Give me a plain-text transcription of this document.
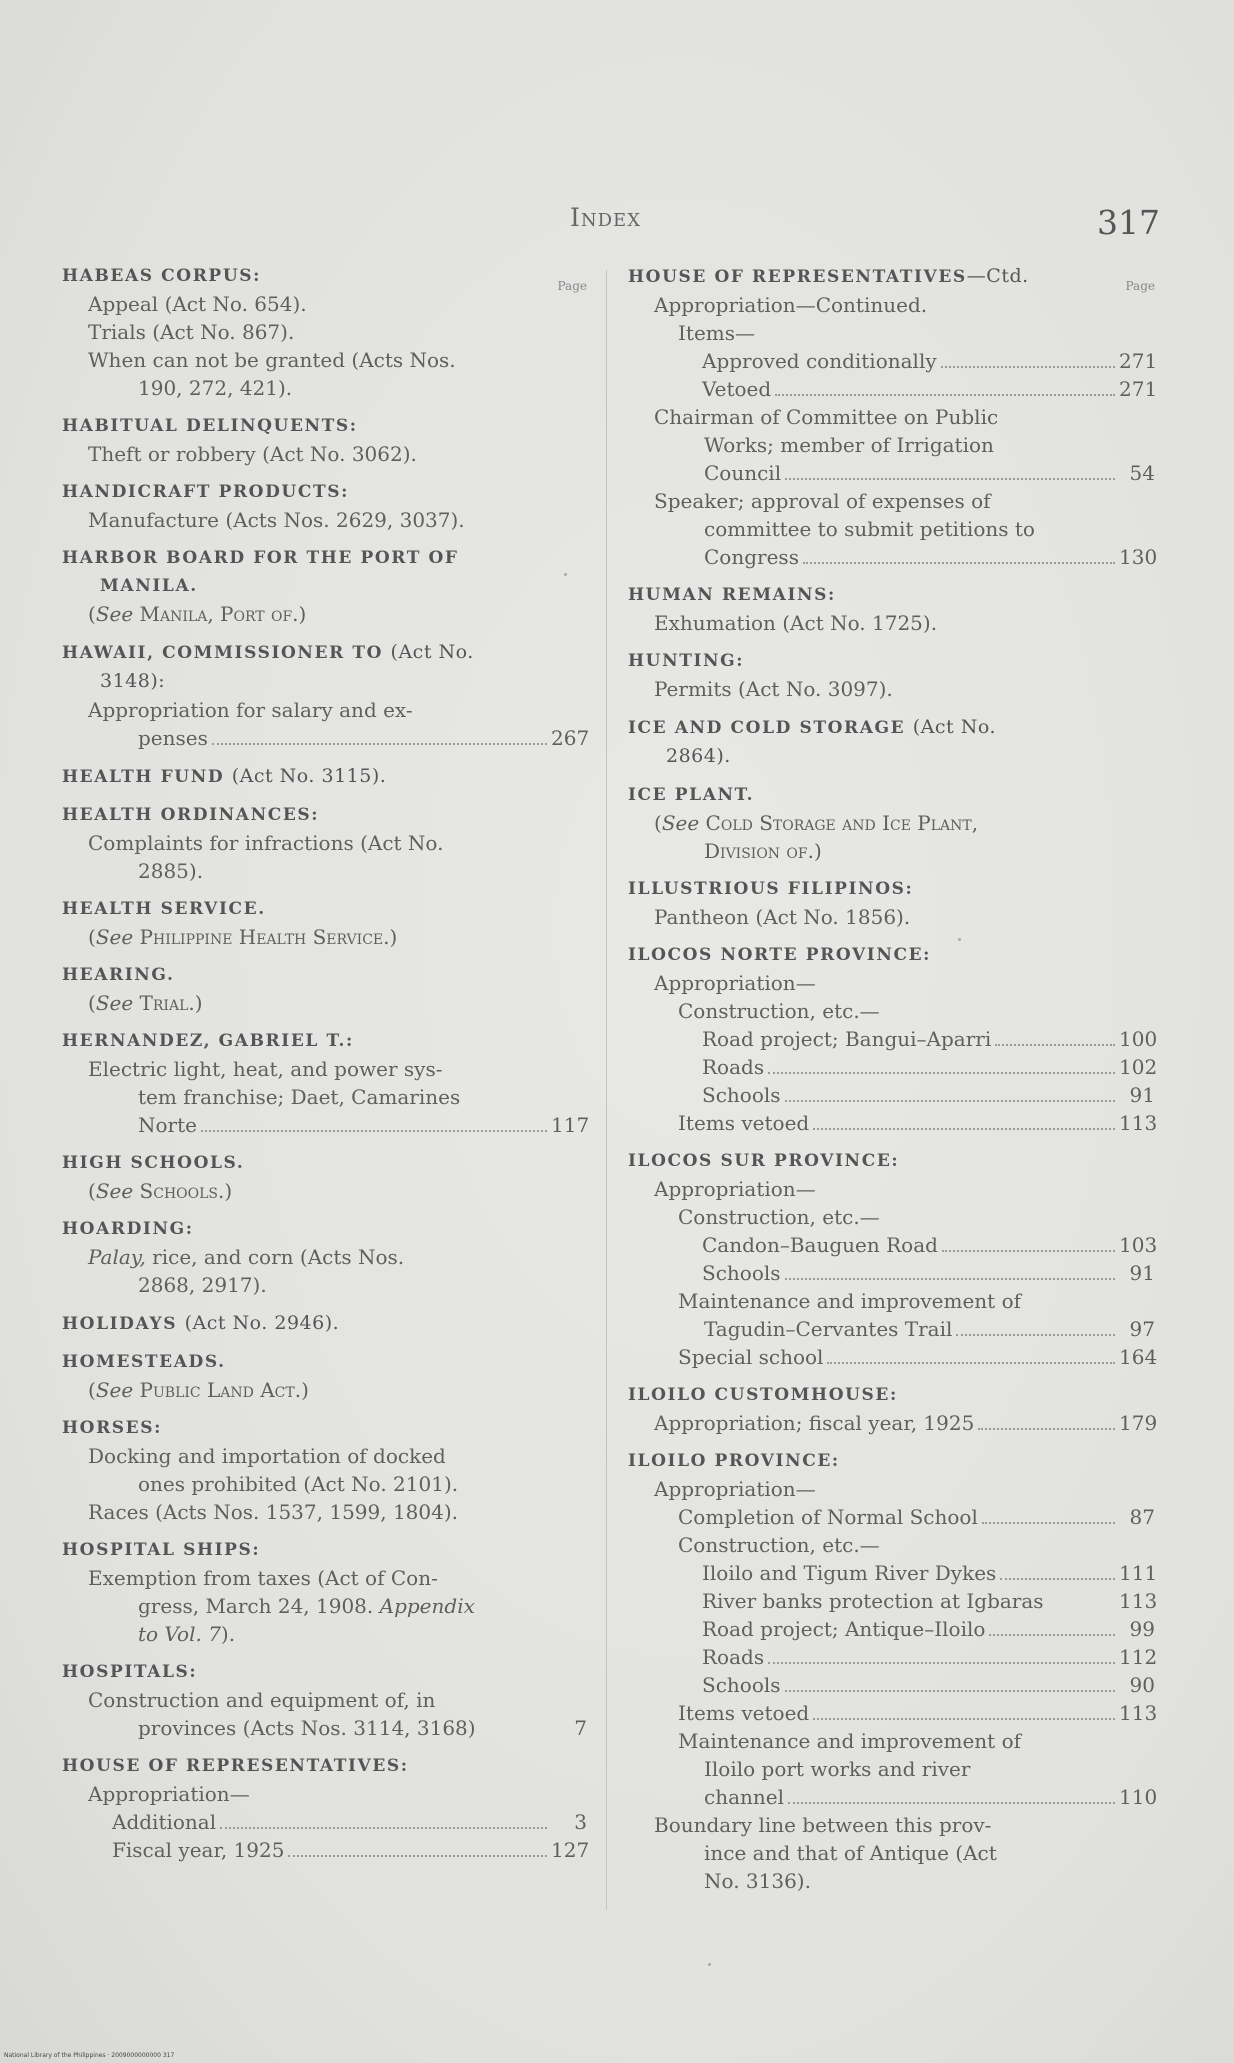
Index	317
Page
HABEAS CORPUS:
Appeal (Act No. 654).
Trials (Act No. 867).
When can not be granted (Acts Nos.
190, 272, 421).
HABITUAL DELINQUENTS:
Theft or robbery (Act No. 3062).
HANDICRAFT PRODUCTS:
Manufacture (Acts Nos. 2629, 3037).
HARBOR BOARD FOR THE PORT OF
MANILA.
(See Manila, Port of.)
HAWAII, COMMISSIONER TO (Act No.
3148):
Appropriation for salary and ex-
penses	267
HEALTH FUND (Act No. 3115).
HEALTH ORDINANCES:
Complaints for infractions (Act No.
2885).
HEALTH SERVICE.
(See Philippine Health Service.)
HEARING.
(See Trial.)
HERNANDEZ, GABRIEL T.:
Electric light, heat, and power sys-
tem franchise; Daet, Camarines
Norte	117
HIGH SCHOOLS.
(See Schools.)
HOARDING:
Palay, rice, and corn (Acts Nos.
2868, 2917).
HOLIDAYS (Act No. 2946).
HOMESTEADS.
(See Public Land Act.)
HORSES:
Docking and importation of docked
ones prohibited (Act No. 2101).
Races (Acts Nos. 1537, 1599, 1804).
HOSPITAL SHIPS:
Exemption from taxes (Act of Con-
gress, March 24, 1908. Appendix
to Vol. 7).
HOSPITALS:
Construction and equipment of, in
provinces (Acts Nos. 3114, 3168)	7
HOUSE OF REPRESENTATIVES:
Appropriation—
Additional	3
Fiscal year, 1925	127
Page
HOUSE OF REPRESENTATIVES—Ctd.
Appropriation—Continued.
Items—
Approved conditionally	271
Vetoed	271
Chairman of Committee on Public
Works; member of Irrigation
Council	54
Speaker; approval of expenses of
committee to submit petitions to
Congress	130
HUMAN REMAINS:
Exhumation (Act No. 1725).
HUNTING:
Permits (Act No. 3097).
ICE AND COLD STORAGE (Act No.
2864).
ICE PLANT.
(See Cold Storage and Ice Plant,
Division of.)
ILLUSTRIOUS FILIPINOS:
Pantheon (Act No. 1856).
ILOCOS NORTE PROVINCE:
Appropriation—
Construction, etc.—
Road project; Bangui–Aparri	100
Roads	102
Schools	91
Items vetoed	113
ILOCOS SUR PROVINCE:
Appropriation—
Construction, etc.—
Candon–Bauguen Road	103
Schools	91
Maintenance and improvement of
Tagudin–Cervantes Trail	97
Special school	164
ILOILO CUSTOMHOUSE:
Appropriation; fiscal year, 1925	179
ILOILO PROVINCE:
Appropriation—
Completion of Normal School	87
Construction, etc.—
Iloilo and Tigum River Dykes	111
River banks protection at Igbaras	113
Road project; Antique–Iloilo	99
Roads	112
Schools	90
Items vetoed	113
Maintenance and improvement of
Iloilo port works and river
channel	110
Boundary line between this prov-
ince and that of Antique (Act
No. 3136).
National Library of the Philippines · 2009000000000 317
